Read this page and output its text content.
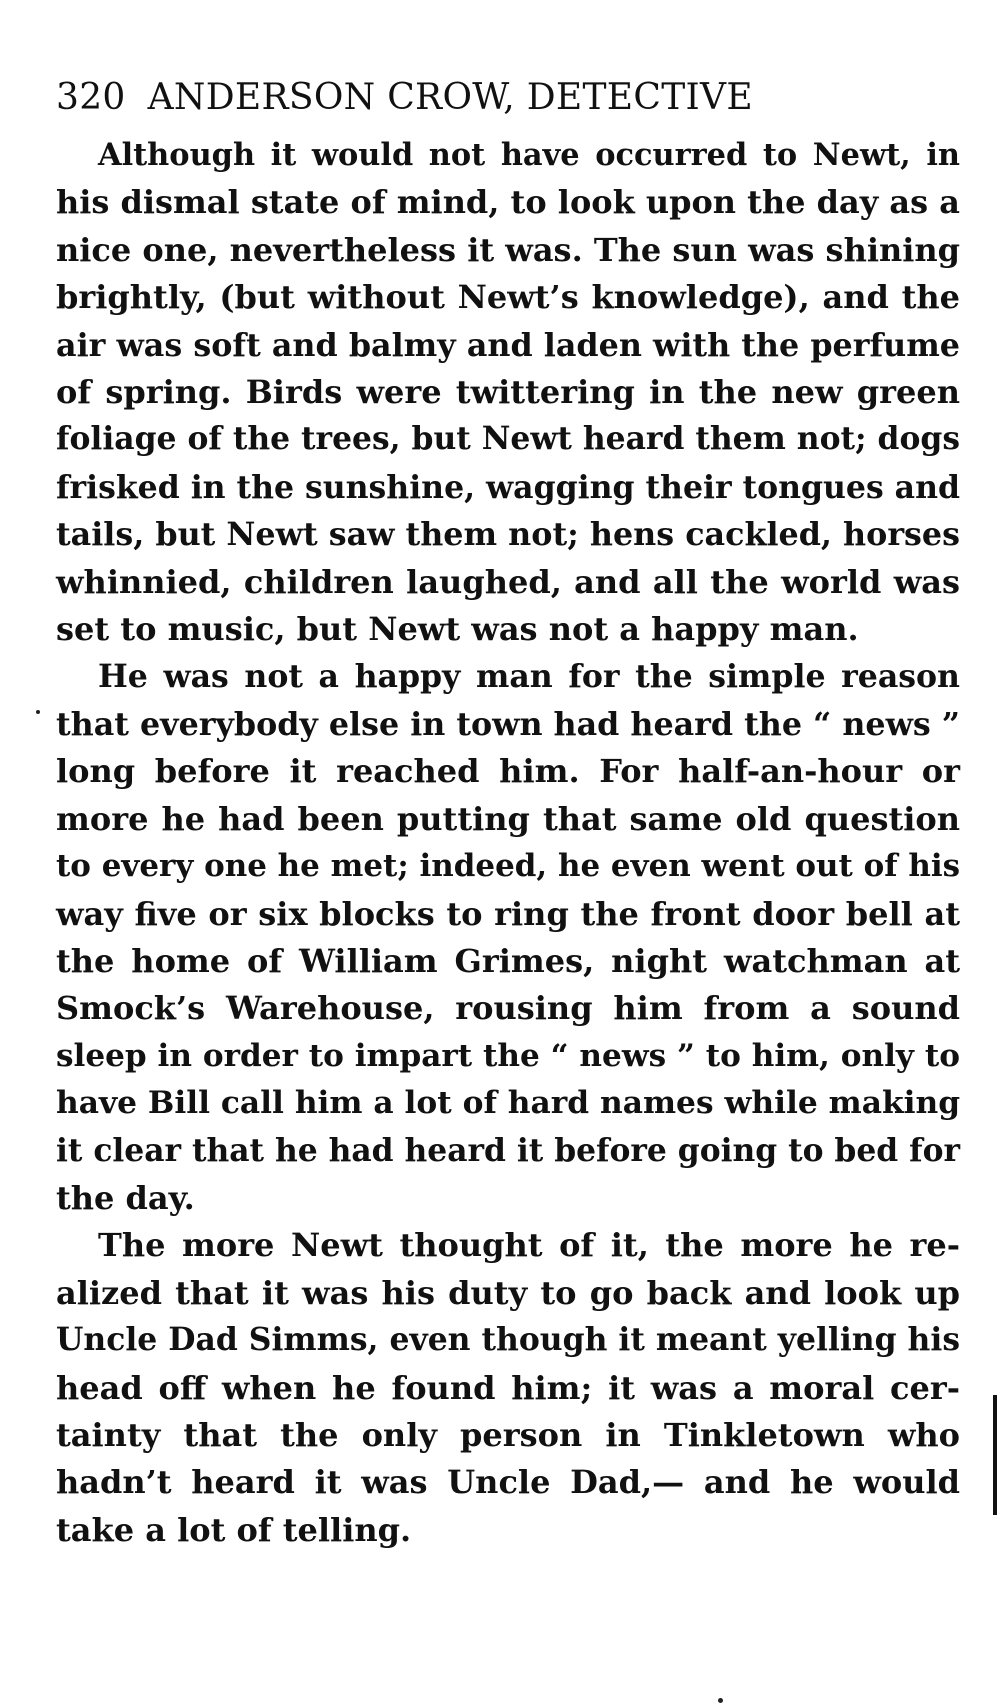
320 ANDERSON CROW, DETECTIVE

Although it would not have occurred to Newt, in
his dismal state of mind, to look upon the day as a
nice one, nevertheless it was. The sun was shining
brightly, (but without Newt’s knowledge), and the
air was soft and balmy and laden with the perfume
of spring. Birds were twittering in the new green
foliage of the trees, but Newt heard them not; dogs
frisked in the sunshine, wagging their tongues and
tails, but Newt saw them not; hens cackled, horses
whinnied, children laughed, and all the world was
set to music, but Newt was not a happy man.

He was not a happy man for the simple reason
that everybody else in town had heard the “ news ”
long before it reached him. For half-an-hour or
more he had been putting that same old question
to every one he met; indeed, he even went out of his
way five or six blocks to ring the front door bell at
the home of William Grimes, night watchman at
Smock’s Warehouse, rousing him from a sound
sleep in order to impart the “ news ” to him, only to
have Bill call him a lot of hard names while making
it clear that he had heard it before going to bed for
the day.

The more Newt thought of it, the more he re-
alized that it was his duty to go back and look up
Uncle Dad Simms, even though it meant yelling his
head off when he found him; it was a moral cer-
tainty that the only person in Tinkletown who
hadn’t heard it was Uncle Dad,— and he would
take a lot of telling.
